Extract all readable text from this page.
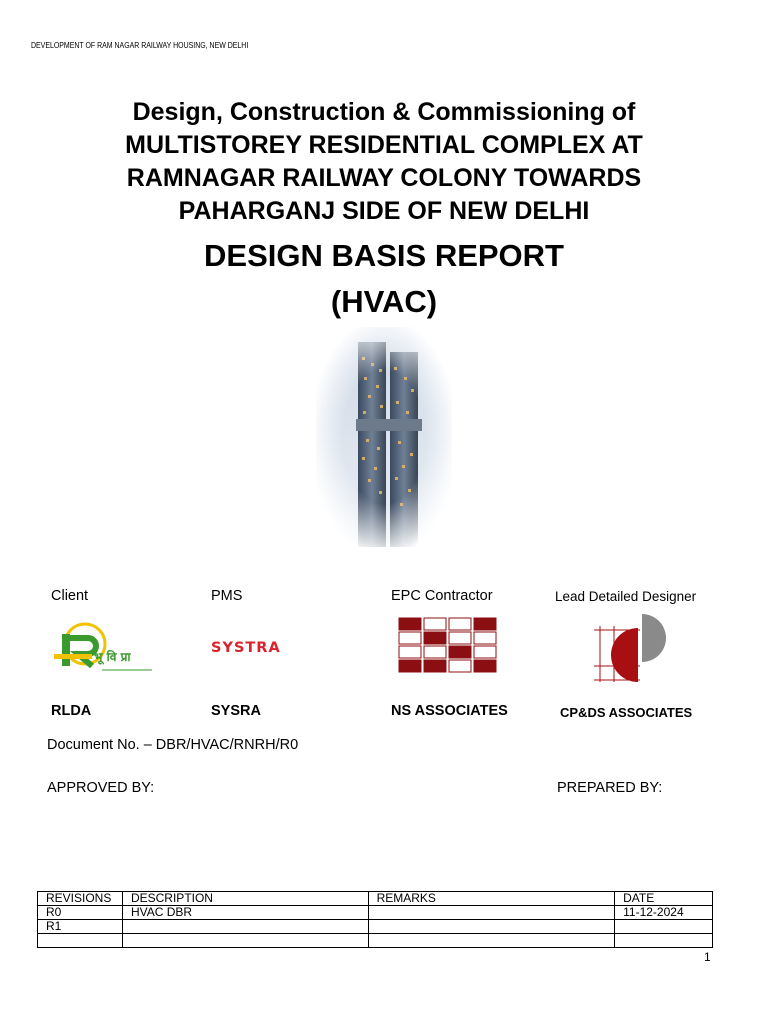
DEVELOPMENT OF RAM NAGAR RAILWAY HOUSING, NEW DELHI
Design, Construction & Commissioning of
MULTISTOREY RESIDENTIAL COMPLEX AT
RAMNAGAR RAILWAY COLONY TOWARDS
PAHARGANJ SIDE OF NEW DELHI
DESIGN BASIS REPORT
(HVAC)
Client	PMS	EPC Contractor	Lead Detailed Designer
भू वि प्रा
SYSTRA
RLDA	SYSRA	NS ASSOCIATES	CP&DS ASSOCIATES
Document No. – DBR/HVAC/RNRH/R0
APPROVED BY:	PREPARED BY:
REVISIONS	DESCRIPTION	REMARKS	DATE
R0	HVAC DBR		11-12-2024
R1			

1
